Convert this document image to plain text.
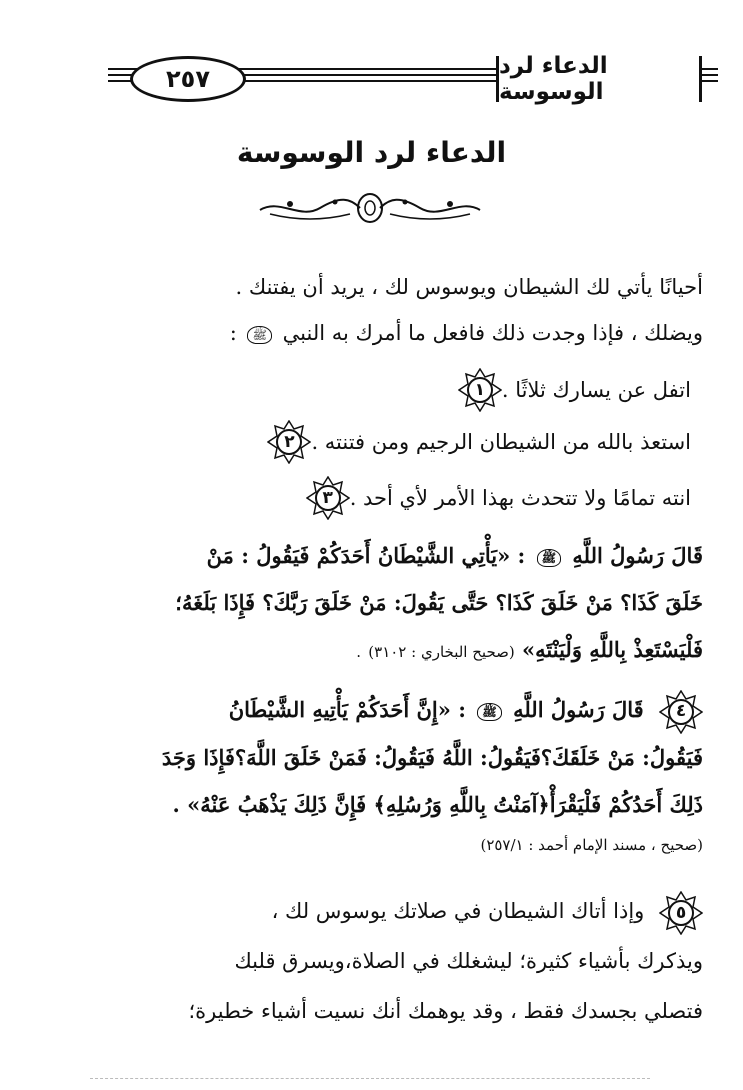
٢٥٧	الدعاء لرد الوسوسة
الدعاء لرد الوسوسة
أحيانًا يأتي لك الشيطان ويوسوس لك ، يريد أن يفتنك .
ويضلك ، فإذا وجدت ذلك فافعل ما أمرك به النبي ﷺ :
١ اتفل عن يسارك ثلاثًا .
٢ استعذ بالله من الشيطان الرجيم ومن فتنته .
٣ انته تمامًا ولا تتحدث بهذا الأمر لأي أحد .
قَالَ رَسُولُ اللَّهِ ﷺ : «يَأْتِي الشَّيْطَانُ أَحَدَكُمْ فَيَقُولُ : مَنْ
خَلَقَ كَذَا؟ مَنْ خَلَقَ كَذَا؟ حَتَّى يَقُولَ: مَنْ خَلَقَ رَبَّكَ؟ فَإِذَا بَلَغَهُ؛
فَلْيَسْتَعِذْ بِاللَّهِ وَلْيَنْتَهِ» (صحيح البخاري : ٣١٠٢) .
٤
قَالَ رَسُولُ اللَّهِ ﷺ : «إِنَّ أَحَدَكُمْ يَأْتِيهِ الشَّيْطَانُ
فَيَقُولُ: مَنْ خَلَقَكَ؟فَيَقُولُ: اللَّهُ فَيَقُولُ: فَمَنْ خَلَقَ اللَّهَ؟فَإِذَا وَجَدَ
ذَلِكَ أَحَدُكُمْ فَلْيَقْرَأْ﴿آمَنْتُ بِاللَّهِ وَرُسُلِهِ﴾ فَإِنَّ ذَلِكَ يَذْهَبُ عَنْهُ» .
(صحيح ، مسند الإمام أحمد : ٢٥٧/١)
٥
وإذا أتاك الشيطان في صلاتك يوسوس لك ،
ويذكرك بأشياء كثيرة؛ ليشغلك في الصلاة،ويسرق قلبك
فتصلي بجسدك فقط ، وقد يوهمك أنك نسيت أشياء خطيرة؛
